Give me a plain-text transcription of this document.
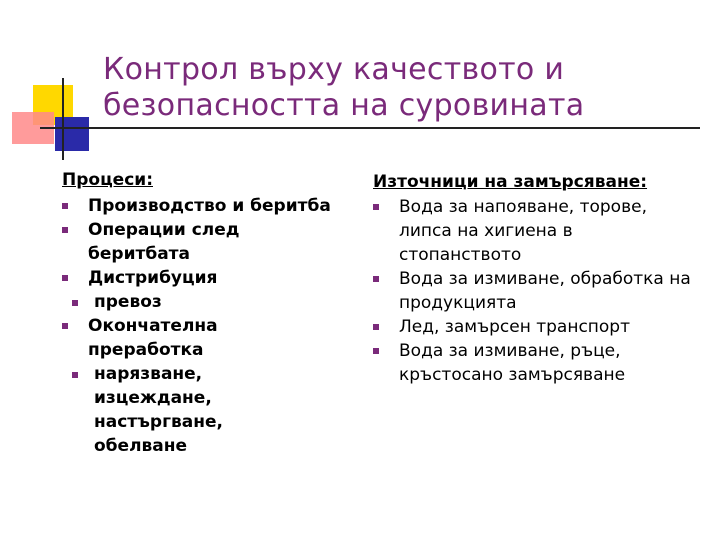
Контрол върху качеството и
безопасността на суровината
Процеси:
Производство и беритба
Операции след беритбата
Дистрибуция
превоз
Окончателна преработка
нарязване, изцеждане, настъргване, обелване
Източници на замърсяване:
Вода за напояване, торове, липса на хигиена в стопанството
Вода за измиване, обработка на продукцията
Лед, замърсен транспорт
Вода за измиване, ръце, кръстосано замърсяване
